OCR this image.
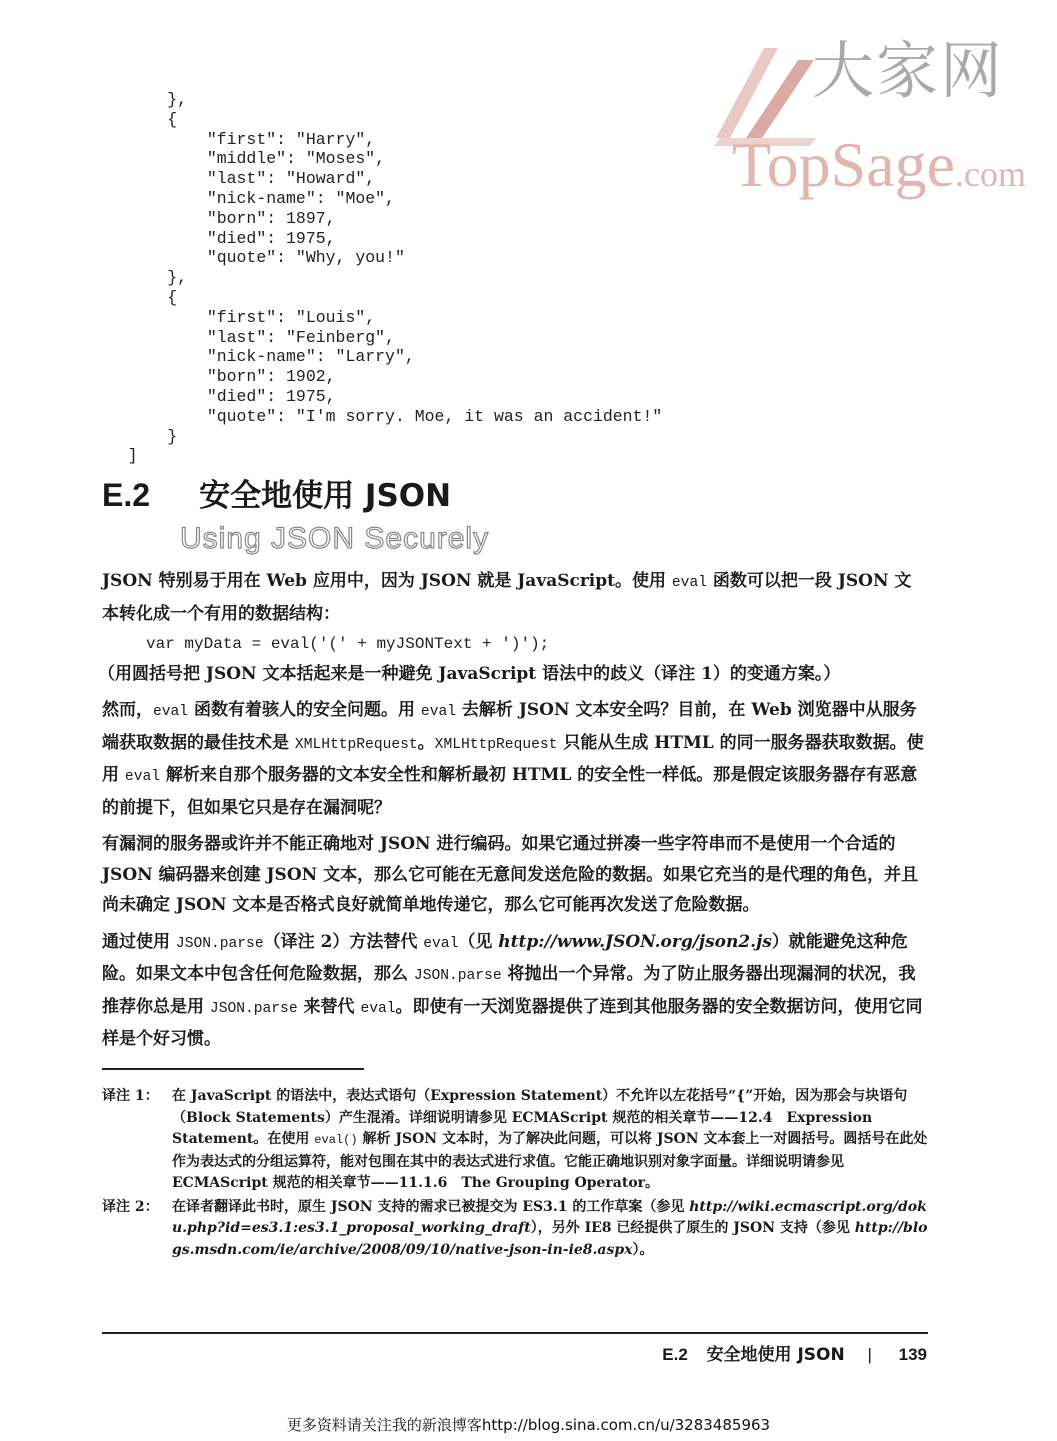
大家网
TopSage.com
},
{
"first": "Harry",
"middle": "Moses",
"last": "Howard",
"nick-name": "Moe",
"born": 1897,
"died": 1975,
"quote": "Why, you!"
},
{
"first": "Louis",
"last": "Feinberg",
"nick-name": "Larry",
"born": 1902,
"died": 1975,
"quote": "I'm sorry. Moe, it was an accident!"
}
]
E.2 安全地使用 JSON
Using JSON Securely

JSON 特别易于用在 Web 应用中，因为 JSON 就是 JavaScript。使用 eval 函数可以把一段 JSON 文本转化成一个有用的数据结构：

var myData = eval('(' + myJSONText + ')');

（用圆括号把 JSON 文本括起来是一种避免 JavaScript 语法中的歧义（译注 1）的变通方案。）

然而，eval 函数有着骇人的安全问题。用 eval 去解析 JSON 文本安全吗？目前，在 Web 浏览器中从服务端获取数据的最佳技术是 XMLHttpRequest。XMLHttpRequest 只能从生成 HTML 的同一服务器获取数据。使用 eval 解析来自那个服务器的文本安全性和解析最初 HTML 的安全性一样低。那是假定该服务器存有恶意的前提下，但如果它只是存在漏洞呢？

有漏洞的服务器或许并不能正确地对 JSON 进行编码。如果它通过拼凑一些字符串而不是使用一个合适的 JSON 编码器来创建 JSON 文本，那么它可能在无意间发送危险的数据。如果它充当的是代理的角色，并且尚未确定 JSON 文本是否格式良好就简单地传递它，那么它可能再次发送了危险数据。

通过使用 JSON.parse（译注 2）方法替代 eval（见 http://www.JSON.org/json2.js）就能避免这种危险。如果文本中包含任何危险数据，那么 JSON.parse 将抛出一个异常。为了防止服务器出现漏洞的状况，我推荐你总是用 JSON.parse 来替代 eval。即使有一天浏览器提供了连到其他服务器的安全数据访问，使用它同样是个好习惯。

译注 1： 在 JavaScript 的语法中，表达式语句（Expression Statement）不允许以左花括号“{”开始，因为那会与块语句（Block Statements）产生混淆。详细说明请参见 ECMAScript 规范的相关章节——12.4　Expression Statement。在使用 eval() 解析 JSON 文本时，为了解决此问题，可以将 JSON 文本套上一对圆括号。圆括号在此处作为表达式的分组运算符，能对包围在其中的表达式进行求值。它能正确地识别对象字面量。详细说明请参见 ECMAScript 规范的相关章节——11.1.6　The Grouping Operator。
译注 2： 在译者翻译此书时，原生 JSON 支持的需求已被提交为 ES3.1 的工作草案（参见 http://wiki.ecmascript.org/doku.php?id=es3.1:es3.1_proposal_working_draft），另外 IE8 已经提供了原生的 JSON 支持（参见 http://blogs.msdn.com/ie/archive/2008/09/10/native-json-in-ie8.aspx）。
E.2 安全地使用 JSON | 139
更多资料请关注我的新浪博客http://blog.sina.com.cn/u/3283485963
